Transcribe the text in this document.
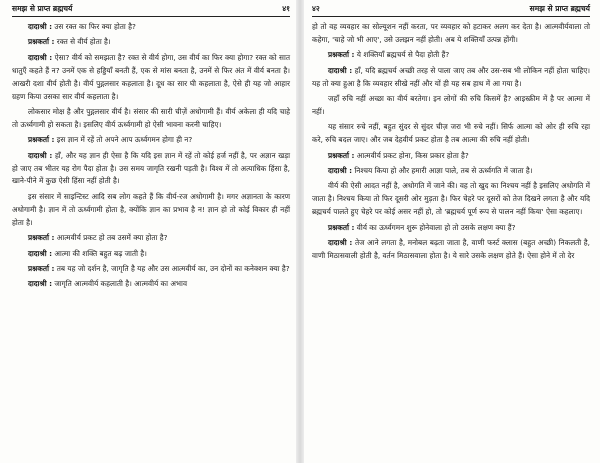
समझ से प्राप्त ब्रह्मचर्य	४१

दादाश्री : उस रक्त का फिर क्या होता है?

प्रश्नकर्ता : रक्त से वीर्य होता है।

दादाश्री : ऐसा? वीर्य को समझता है? रक्त से वीर्य होगा, उस वीर्य का फिर क्या होगा? रक्त को सात धातुएँ कहते हैं न? उनमें एक से हड्डियाँ बनती हैं, एक से मांस बनता है, उनमें से फिर अंत में वीर्य बनता है। आखरी दशा वीर्य होती है। वीर्य पुद्गलसार कहलाता है। दूध का सार घी कहलाता है, ऐसे ही यह जो आहार ग्रहण किया उसका सार वीर्य कहलाता है।

लोकसार मोक्ष है और पुद्गलसार वीर्य है। संसार की सारी चीज़ें अधोगामी हैं। वीर्य अकेला ही यदि चाहे तो ऊर्ध्वगामी हो सकता है। इसलिए वीर्य ऊर्ध्वगामी हो ऐसी भावना करनी चाहिए।

प्रश्नकर्ता : इस ज्ञान में रहें तो अपने आप ऊर्ध्वगमन होगा ही न?

दादाश्री : हाँ, और यह ज्ञान ही ऐसा है कि यदि इस ज्ञान में रहें तो कोई हर्ज नहीं है, पर अज्ञान खड़ा हो जाए तब भीतर यह रोग पैदा होता है। उस समय जागृति रखनी पड़ती है। विश्व में तो अत्याधिक हिंसा है, खाने-पीने में कुछ ऐसी हिंसा नहीं होती है।

इस संसार में साइन्टिस्ट आदि सब लोग कहते हैं कि वीर्य-रज अधोगामी है। मगर अज्ञानता के कारण अधोगामी है। ज्ञान में तो ऊर्ध्वगामी होता है, क्योंकि ज्ञान का प्रभाव है न! ज्ञान हो तो कोई विकार ही नहीं होता है।

प्रश्नकर्ता : आत्मवीर्य प्रकट हो तब उसमें क्या होता है?

दादाश्री : आत्मा की शक्ति बहुत बढ़ जाती है।

प्रश्नकर्ता : तब यह जो दर्शन है, जागृति है यह और उस आत्मवीर्य का, उन दोनों का कनेक्शन क्या है?

दादाश्री : जागृति आत्मवीर्य कहलाती है। आत्मवीर्य का अभाव

४२	समझ से प्राप्त ब्रह्मचर्य

हो तो वह व्यवहार का सोल्यूशन नहीं करता, पर व्यवहार को हटाकर अलग कर देता है। आत्मवीर्यवाला तो कहेगा, 'चाहे जो भी आए', उसे उलझन नहीं होती। अब ये शक्तियाँ उत्पन्न होंगी।

प्रश्नकर्ता : ये शक्तियाँ ब्रह्मचर्य से पैदा होती हैं?

दादाश्री : हाँ, यदि ब्रह्मचर्य अच्छी तरह से पाला जाए तब और उस-सब भी लोकिन नहीं होता चाहिए। यह तो क्या हुआ है कि व्यवहार सीखे नहीं और यों ही यह सब हाथ में आ गया है।

जहाँ रुचि नहीं अच्छा का वीर्य बरतेगा। इन लोगों की रुचि किसमें है? आइस्क्रीम में है पर आत्मा में नहीं।

यह संसार रुचे नहीं, बहुत सुंदर से सुंदर चीज़ जरा भी रुचे नहीं। सिर्फ आत्मा को ओर ही रुचि रहा करे, रुचि बदल जाए। और जब देहवीर्य प्रकट होता है तब आत्मा की रुचि नहीं होती।

प्रश्नकर्ता : आत्मवीर्य प्रकट होना, किस प्रकार होता है?

दादाश्री : निश्चय किया हो और हमारी आज्ञा पाले, तब से ऊर्ध्वगति में जाता है।

वीर्य की ऐसी आदत नहीं है, अधोगति में जाने की। वह तो खुद का निश्चय नहीं है इसलिए अधोगति में जाता है। निश्चय किया तो फिर दूसरी ओर मुड़ता है। फिर चेहरे पर दूसरों को तेज दिखने लगता है और यदि ब्रह्मचर्य पालते हुए चेहरे पर कोई असर नहीं हो, तो 'ब्रह्मचर्य पूर्ण रूप से पालन नहीं किया' ऐसा कहलाए।

प्रश्नकर्ता : वीर्य का ऊर्ध्वगमन शुरू होनेवाला हो तो उसके लक्षण क्या हैं?

दादाश्री : तेज आने लगता है, मनोबल बढ़ता जाता है, वाणी फर्स्ट क्लास (बहुत अच्छी) निकलती है, वाणी मिठासवाली होती है, वर्तन मिठासवाला होता है। ये सारे उसके लक्षण होते हैं। ऐसा होने में तो देर
